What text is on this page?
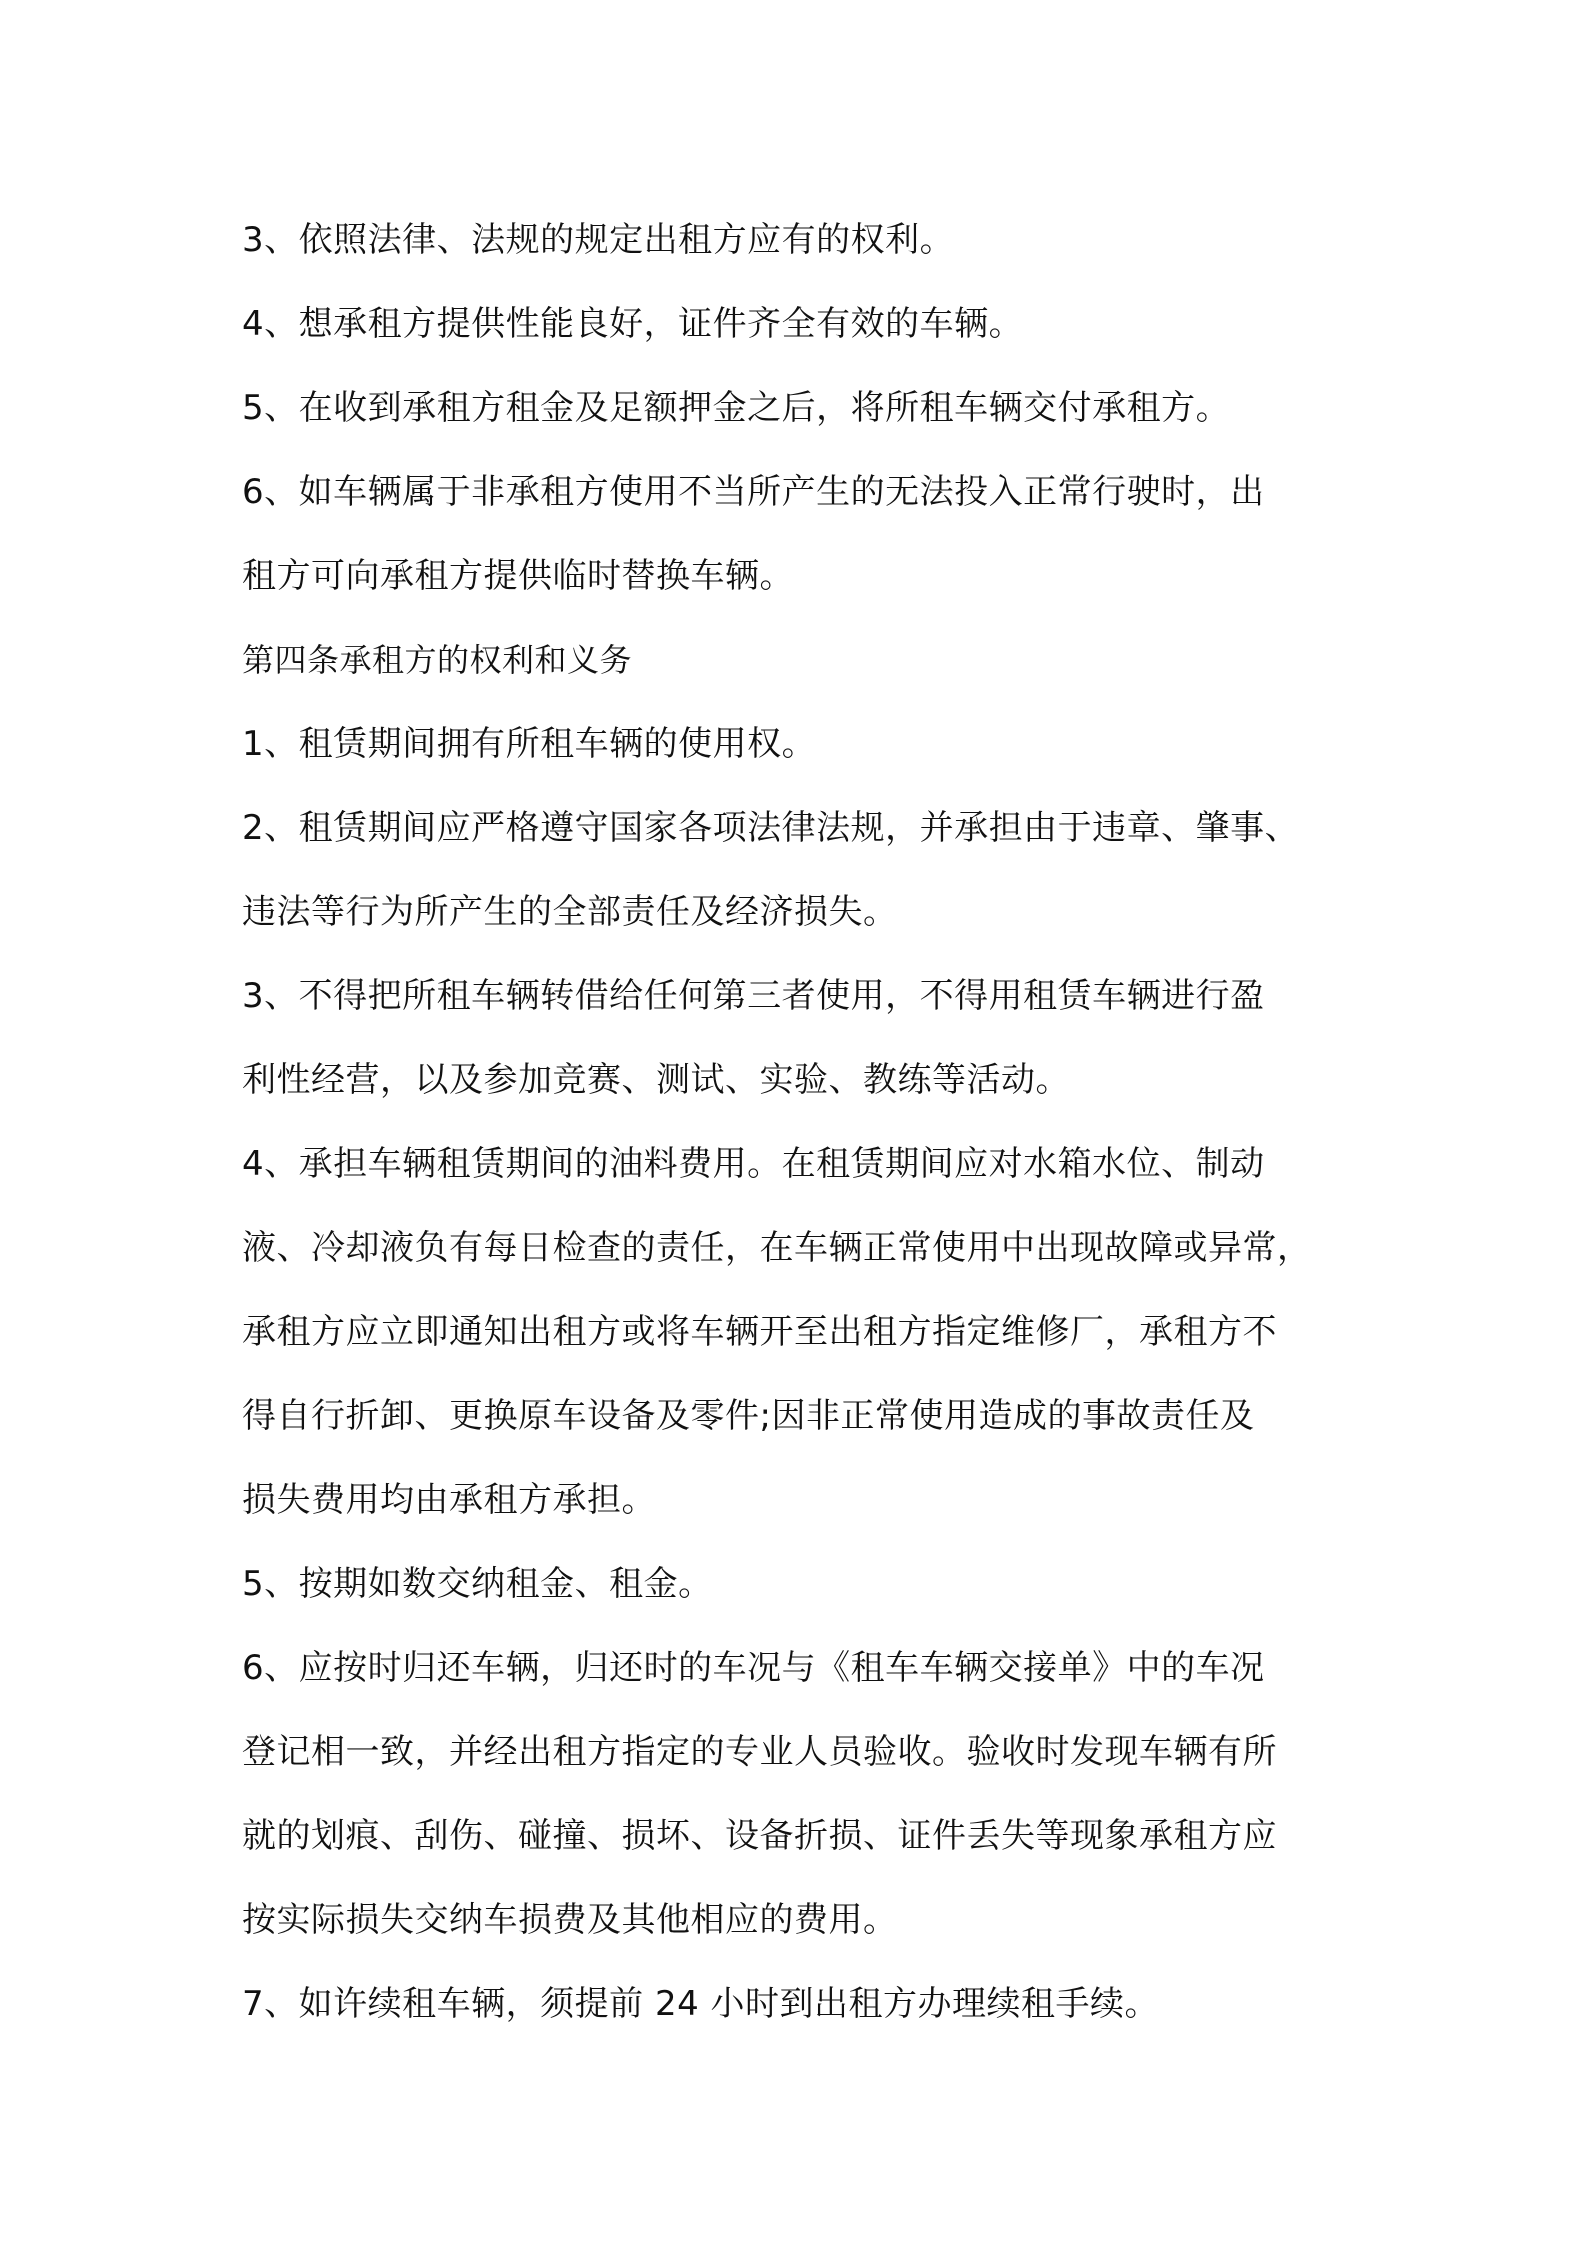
3、依照法律、法规的规定出租方应有的权利。
4、想承租方提供性能良好，证件齐全有效的车辆。
5、在收到承租方租金及足额押金之后，将所租车辆交付承租方。
6、如车辆属于非承租方使用不当所产生的无法投入正常行驶时，出
租方可向承租方提供临时替换车辆。
第四条承租方的权利和义务
1、租赁期间拥有所租车辆的使用权。
2、租赁期间应严格遵守国家各项法律法规，并承担由于违章、肇事、
违法等行为所产生的全部责任及经济损失。
3、不得把所租车辆转借给任何第三者使用，不得用租赁车辆进行盈
利性经营，以及参加竞赛、测试、实验、教练等活动。
4、承担车辆租赁期间的油料费用。在租赁期间应对水箱水位、制动
液、冷却液负有每日检查的责任，在车辆正常使用中出现故障或异常，
承租方应立即通知出租方或将车辆开至出租方指定维修厂，承租方不
得自行折卸、更换原车设备及零件;因非正常使用造成的事故责任及
损失费用均由承租方承担。
5、按期如数交纳租金、租金。
6、应按时归还车辆，归还时的车况与《租车车辆交接单》中的车况
登记相一致，并经出租方指定的专业人员验收。验收时发现车辆有所
就的划痕、刮伤、碰撞、损坏、设备折损、证件丢失等现象承租方应
按实际损失交纳车损费及其他相应的费用。
7、如许续租车辆，须提前 24 小时到出租方办理续租手续。
